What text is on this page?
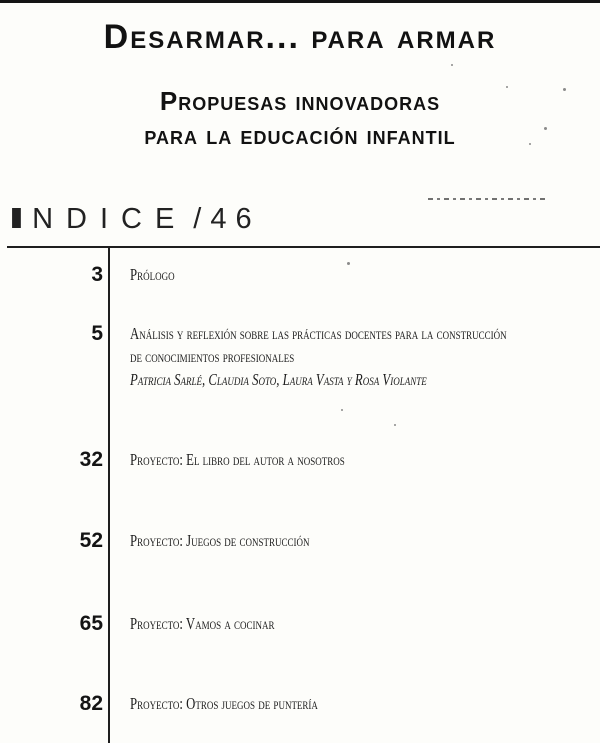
Desarmar... para armar
Propuesas innovadoras
para la educación infantil
I NDICE /46
3 Prólogo
5 Análisis y reflexión sobre las prácticas docentes para la construcción
de conocimientos profesionales
Patricia Sarlé, Claudia Soto, Laura Vasta y Rosa Violante
32 Proyecto: El libro del autor a nosotros
52 Proyecto: Juegos de construcción
65 Proyecto: Vamos a cocinar
82 Proyecto: Otros juegos de puntería
